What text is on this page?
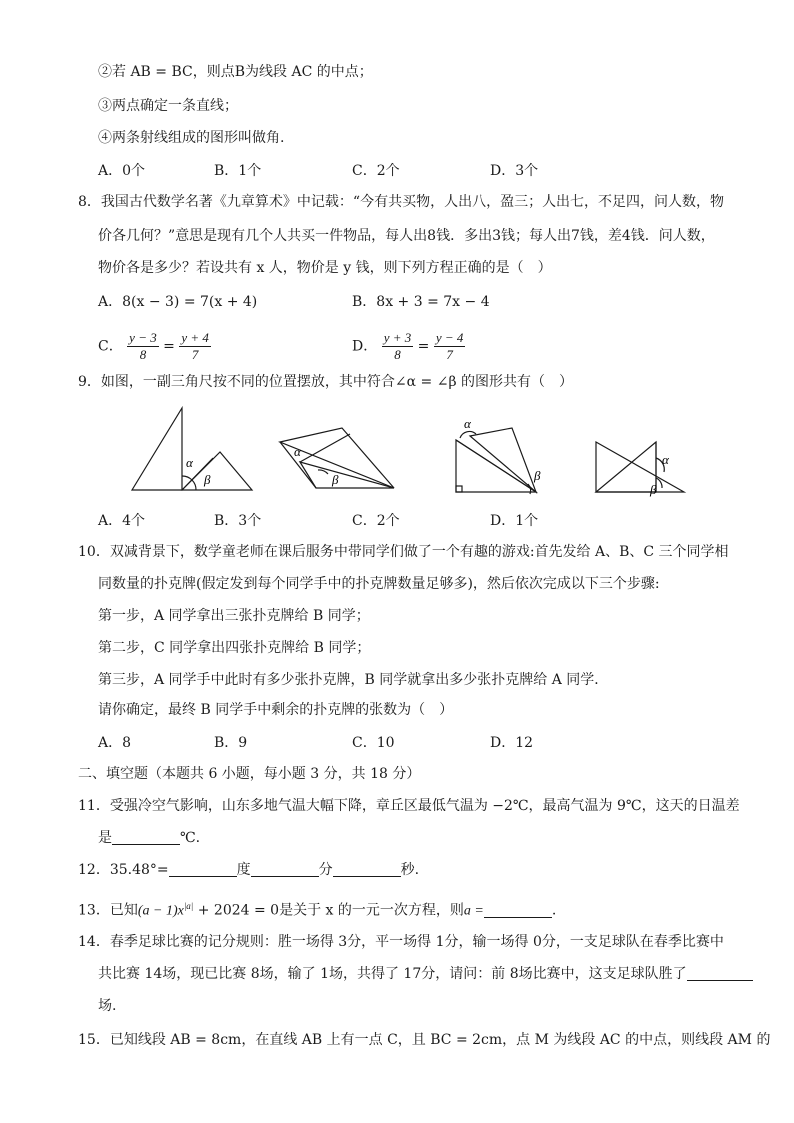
②若 AB = BC，则点B为线段 AC 的中点；
③两点确定一条直线；
④两条射线组成的图形叫做角.
A．0个	B．1个	C．2个	D．3个
8．我国古代数学名著《九章算术》中记载：“今有共买物，人出八，盈三；人出七，不足四，问人数，物
价各几何？”意思是现有几个人共买一件物品，每人出8钱．多出3钱；每人出7钱，差4钱．问人数，
物价各是多少？若设共有 x 人，物价是 y 钱，则下列方程正确的是（　）
A．8(x − 3) = 7(x + 4)	B．8x + 3 = 7x − 4
C． $\frac{y - 3}{8} = \frac{y + 4}{7}$	D． $\frac{y + 3}{8} = \frac{y - 4}{7}$
9．如图，一副三角尺按不同的位置摆放，其中符合∠α = ∠β 的图形共有（　）
α
β
α
β
α
β
α
β
A．4个	B．3个	C．2个	D．1个
10．双减背景下，数学童老师在课后服务中带同学们做了一个有趣的游戏:首先发给 A、B、C 三个同学相
同数量的扑克牌(假定发到每个同学手中的扑克牌数量足够多)，然后依次完成以下三个步骤:
第一步，A 同学拿出三张扑克牌给 B 同学；
第二步，C 同学拿出四张扑克牌给 B 同学；
第三步，A 同学手中此时有多少张扑克牌，B 同学就拿出多少张扑克牌给 A 同学．
请你确定，最终 B 同学手中剩余的扑克牌的张数为（　）
A．8	B．9	C．10	D．12
二、填空题（本题共 6 小题，每小题 3 分，共 18 分）
11．受强冷空气影响，山东多地气温大幅下降，章丘区最低气温为 −2℃，最高气温为 9℃，这天的日温差
是	℃.
12．35.48°=	度	分	秒.
13．已知$(a - 1)x^{|a|} + 2024 = 0$是关于 x 的一元一次方程，则a =	.
14．春季足球比赛的记分规则：胜一场得 3分，平一场得 1分，输一场得 0分，一支足球队在春季比赛中
共比赛 14场，现已比赛 8场，输了 1场，共得了 17分，请问：前 8场比赛中，这支足球队胜了
场.
15．已知线段 AB = 8cm，在直线 AB 上有一点 C，且 BC = 2cm，点 M 为线段 AC 的中点，则线段 AM 的
